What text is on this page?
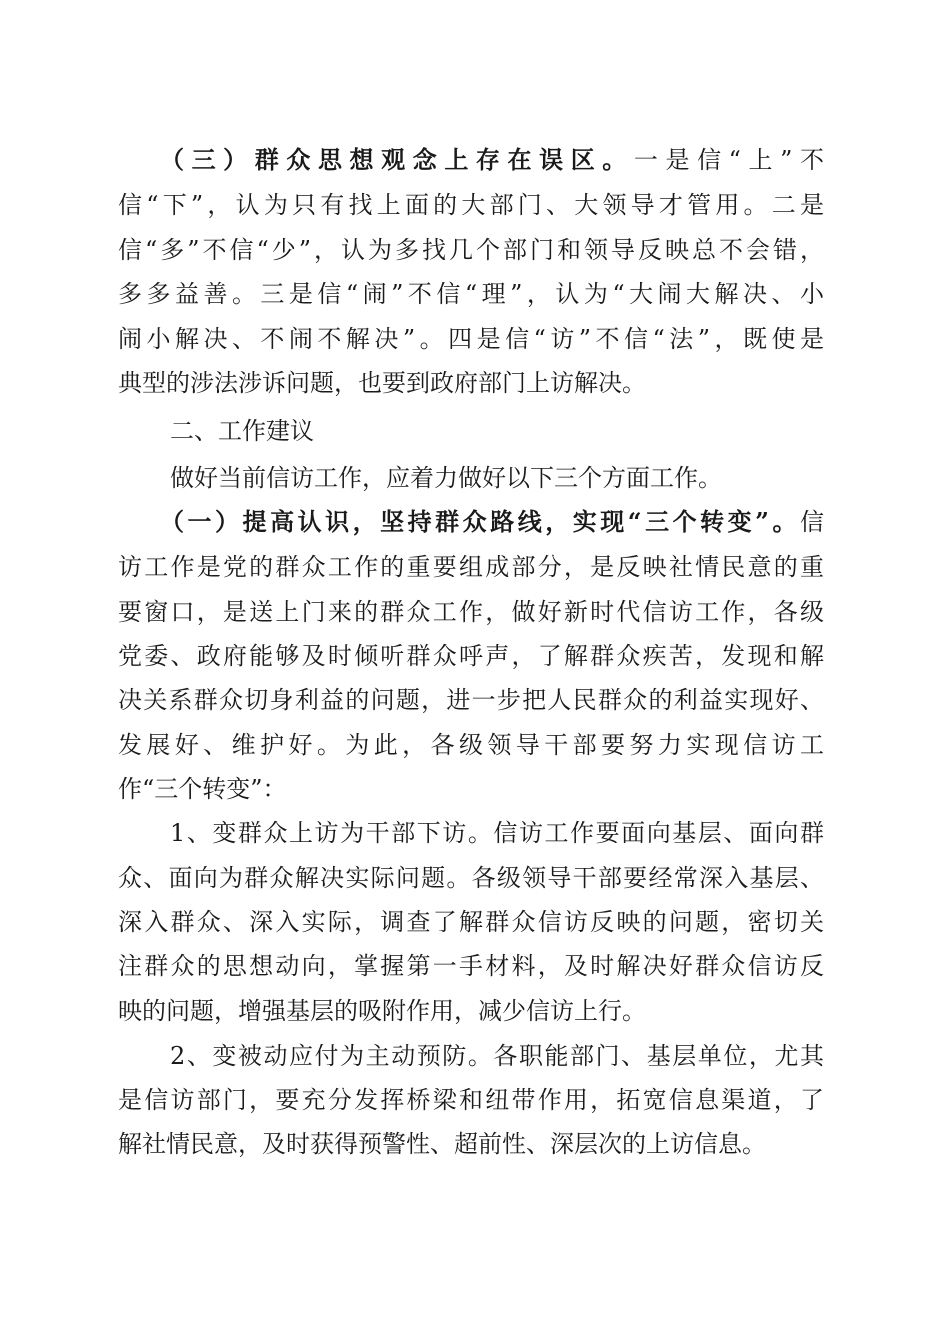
（三）群众思想观念上存在误区。一是信“上”不
信“下”，认为只有找上面的大部门、大领导才管用。二是
信“多”不信“少”，认为多找几个部门和领导反映总不会错，
多多益善。三是信“闹”不信“理”，认为“大闹大解决、小
闹小解决、不闹不解决”。四是信“访”不信“法”，既使是
典型的涉法涉诉问题，也要到政府部门上访解决。
二、工作建议
做好当前信访工作，应着力做好以下三个方面工作。
（一）提高认识，坚持群众路线，实现“三个转变”。信
访工作是党的群众工作的重要组成部分，是反映社情民意的重
要窗口，是送上门来的群众工作，做好新时代信访工作，各级
党委、政府能够及时倾听群众呼声，了解群众疾苦，发现和解
决关系群众切身利益的问题，进一步把人民群众的利益实现好、
发展好、维护好。为此，各级领导干部要努力实现信访工
作“三个转变”：
1、变群众上访为干部下访。信访工作要面向基层、面向群
众、面向为群众解决实际问题。各级领导干部要经常深入基层、
深入群众、深入实际，调查了解群众信访反映的问题，密切关
注群众的思想动向，掌握第一手材料，及时解决好群众信访反
映的问题，增强基层的吸附作用，减少信访上行。
2、变被动应付为主动预防。各职能部门、基层单位，尤其
是信访部门，要充分发挥桥梁和纽带作用，拓宽信息渠道，了
解社情民意，及时获得预警性、超前性、深层次的上访信息。
